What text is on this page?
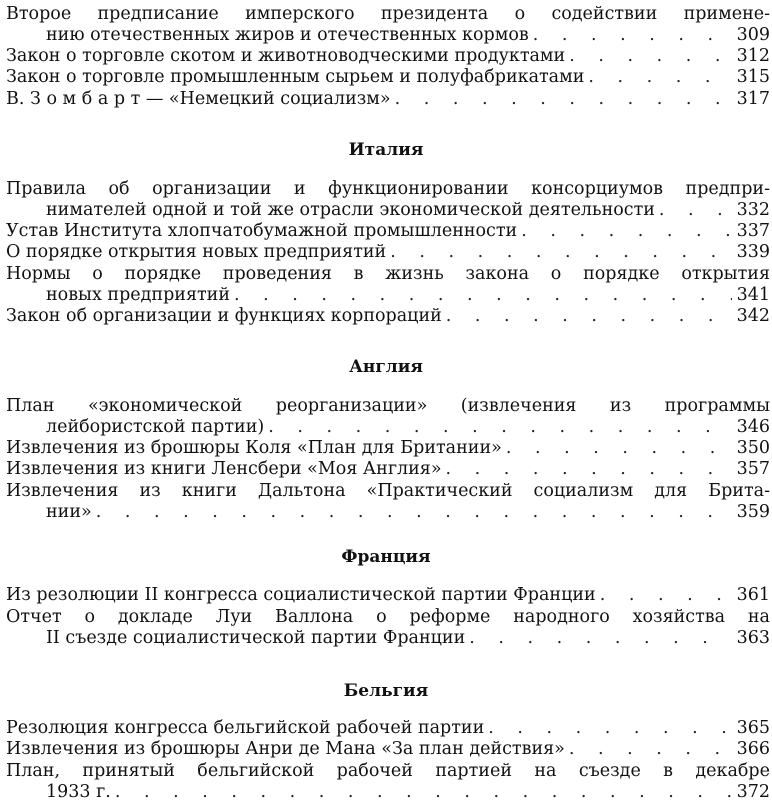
Второе предписание имперского президента о содействии примене-
нию отечественных жиров и отечественных кормов . . .	309
Закон о торговле скотом и животноводческими продуктами . . .	312
Закон о торговле промышленным сырьем и полуфабрикатами . . .	315
В. З о м б а р т — «Немецкий социализм» . . .	317
Италия
Правила об организации и функционировании консорциумов предпри-
нимателей одной и той же отрасли экономической деятельности . . .	332
Устав Института хлопчатобумажной промышленности . . .	337
О порядке открытия новых предприятий . . .	339
Нормы о порядке проведения в жизнь закона о порядке открытия
новых предприятий . . .	341
Закон об организации и функциях корпораций . . .	342
Англия
План «экономической реорганизации» (извлечения из программы
лейбористской партии) . . .	346
Извлечения из брошюры Коля «План для Британии» . . .	350
Извлечения из книги Ленсбери «Моя Англия» . . .	357
Извлечения из книги Дальтона «Практический социализм для Брита-
нии» . . .	359
Франция
Из резолюции II конгресса социалистической партии Франции . . .	361
Отчет о докладе Луи Валлона о реформе народного хозяйства на
II съезде социалистической партии Франции . . .	363
Бельгия
Резолюция конгресса бельгийской рабочей партии . . .	365
Извлечения из брошюры Анри де Мана «За план действия» . . .	366
План, принятый бельгийской рабочей партией на съезде в декабре
1933 г. . . .	372
